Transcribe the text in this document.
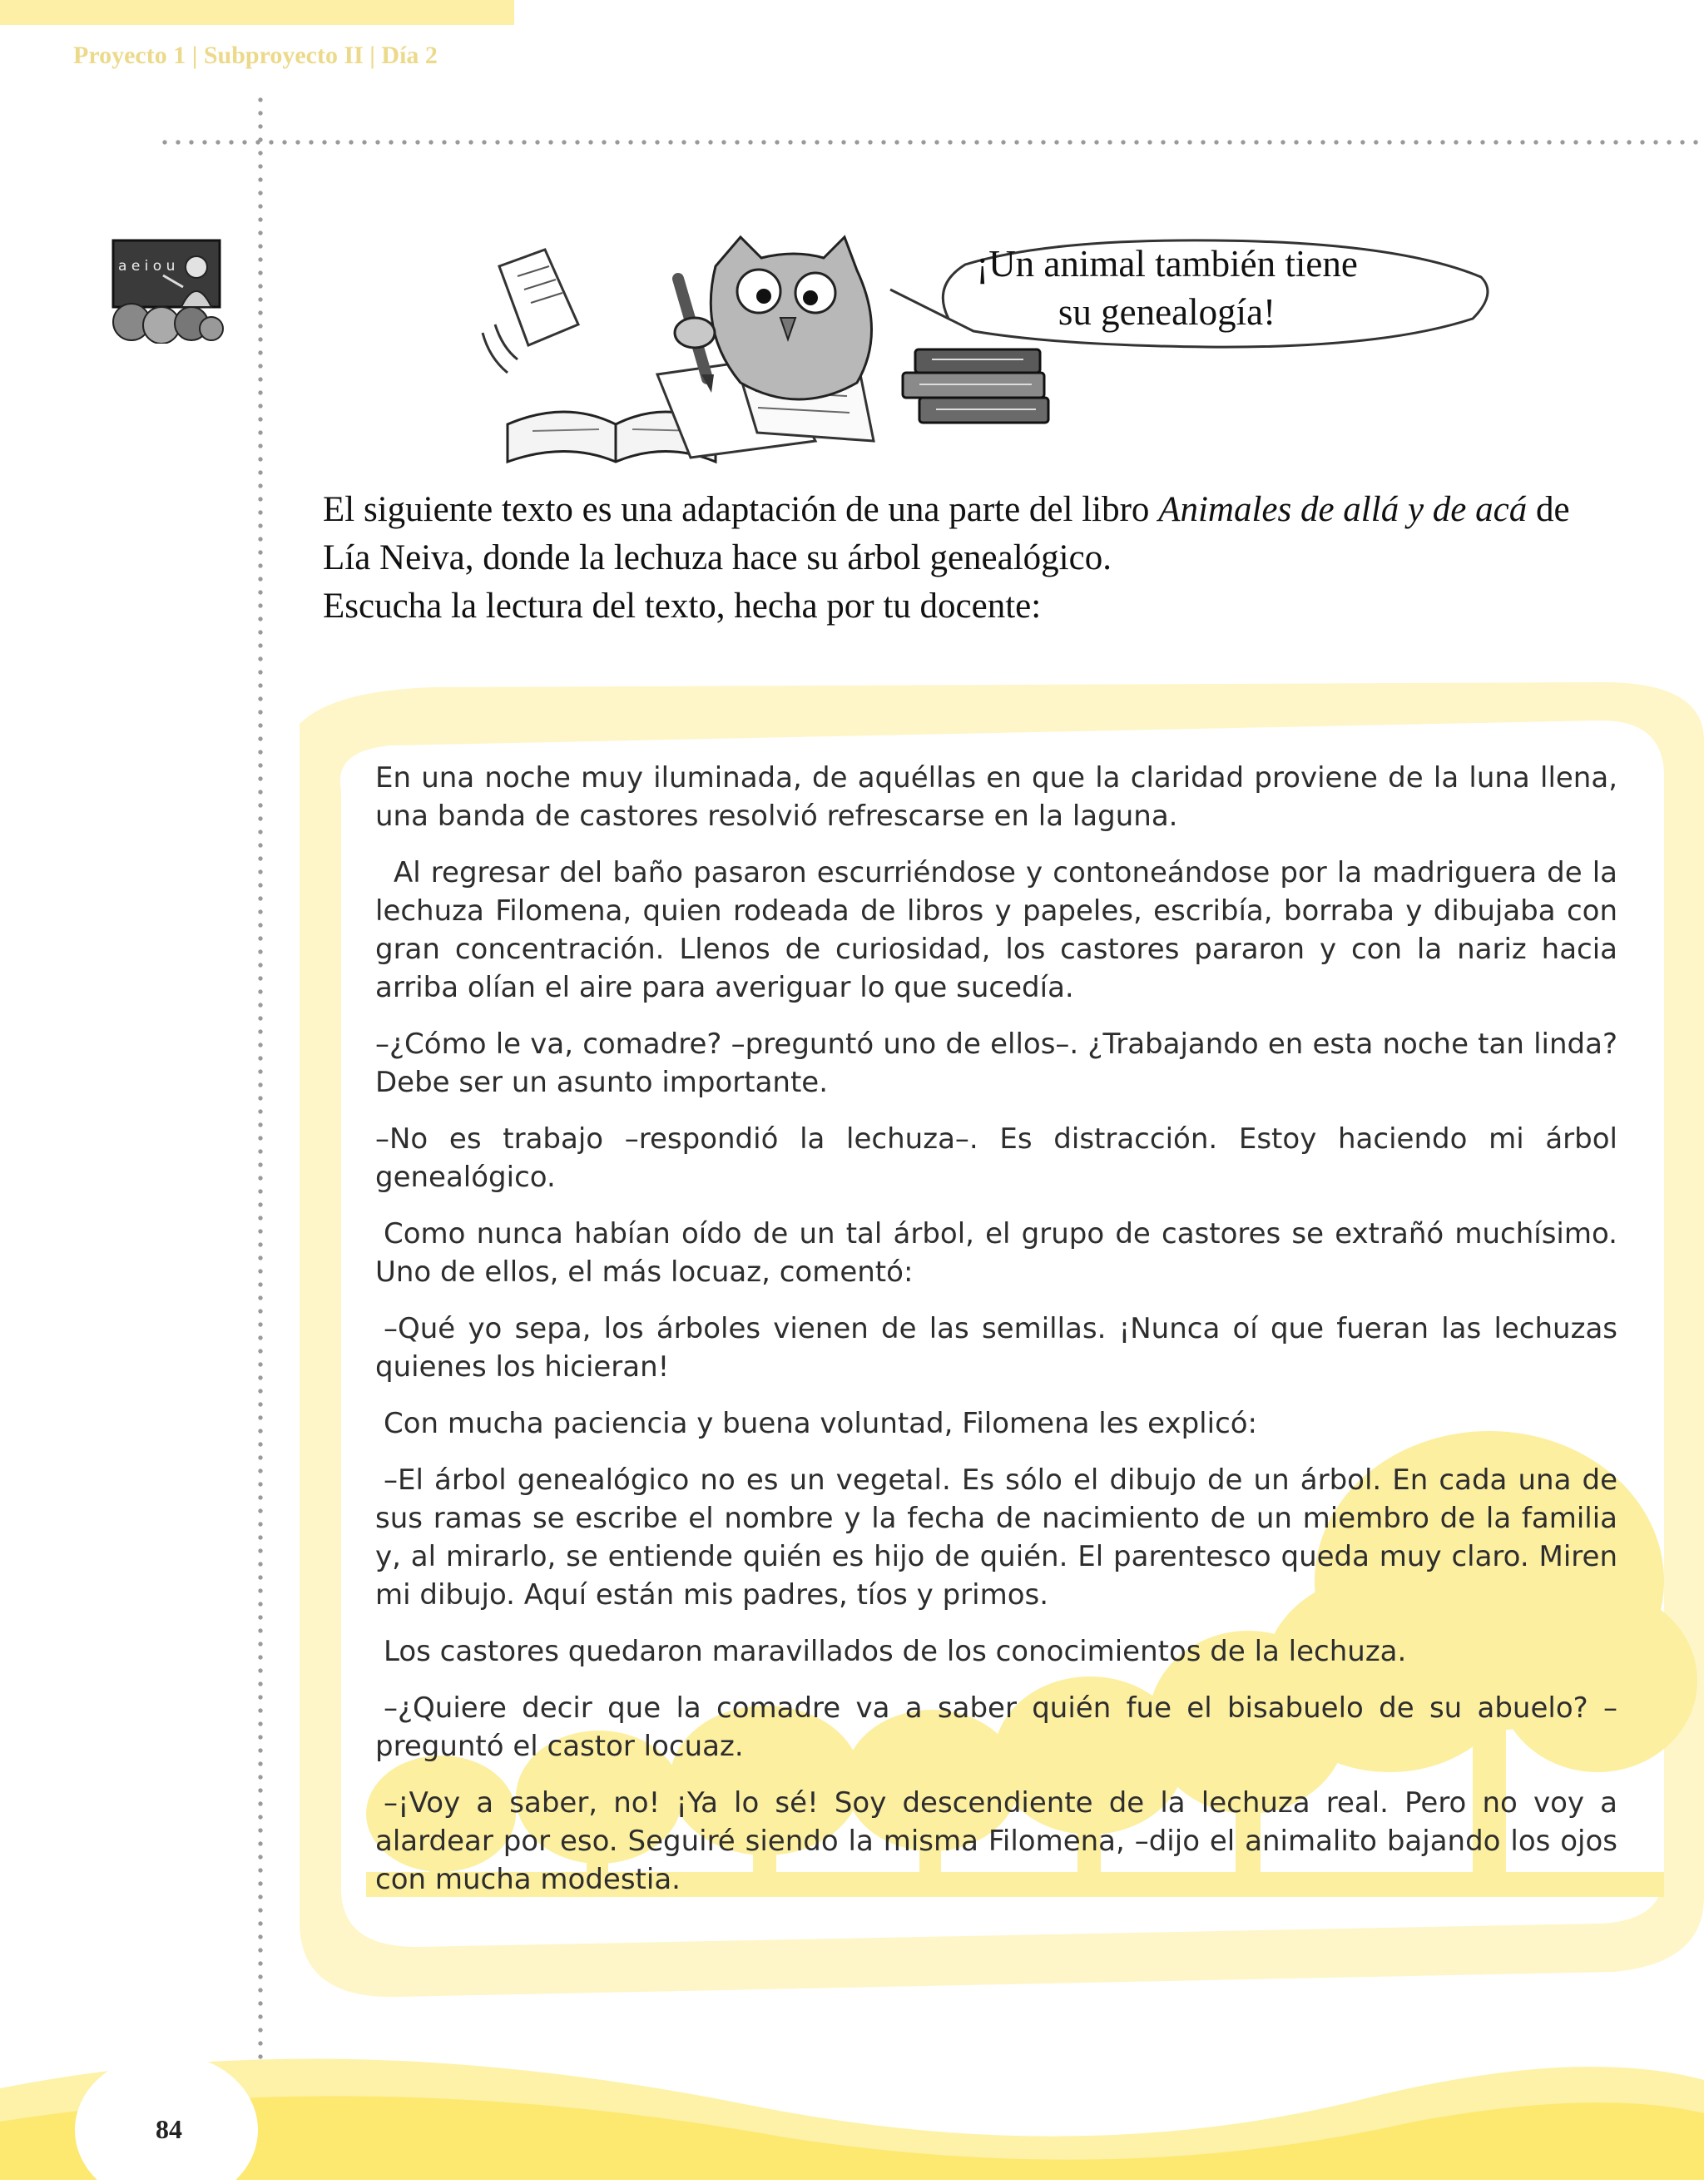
Proyecto 1 | Subproyecto II | Día 2
a e i o u	¡Un animal también tiene su genealogía!

El siguiente texto es una adaptación de una parte del libro Animales de allá y de acá de Lía Neiva, donde la lechuza hace su árbol genealógico.

Escucha la lectura del texto, hecha por tu docente:

En una noche muy iluminada, de aquéllas en que la claridad proviene de la luna llena, una banda de castores resolvió refrescarse en la laguna.

Al regresar del baño pasaron escurriéndose y contoneándose por la madriguera de la lechuza Filomena, quien rodeada de libros y papeles, escribía, borraba y dibujaba con gran concentración. Llenos de curiosidad, los castores pararon y con la nariz hacia arriba olían el aire para averiguar lo que sucedía.

–¿Cómo le va, comadre? –preguntó uno de ellos–. ¿Trabajando en esta noche tan linda? Debe ser un asunto importante.

–No es trabajo –respondió la lechuza–. Es distracción. Estoy haciendo mi árbol genealógico.

Como nunca habían oído de un tal árbol, el grupo de castores se extrañó muchísimo. Uno de ellos, el más locuaz, comentó:

–Qué yo sepa, los árboles vienen de las semillas. ¡Nunca oí que fueran las lechuzas quienes los hicieran!

Con mucha paciencia y buena voluntad, Filomena les explicó:

–El árbol genealógico no es un vegetal. Es sólo el dibujo de un árbol. En cada una de sus ramas se escribe el nombre y la fecha de nacimiento de un miembro de la familia y, al mirarlo, se entiende quién es hijo de quién. El parentesco queda muy claro. Miren mi dibujo. Aquí están mis padres, tíos y primos.

Los castores quedaron maravillados de los conocimientos de la lechuza.

–¿Quiere decir que la comadre va a saber quién fue el bisabuelo de su abuelo? –preguntó el castor locuaz.

–¡Voy a saber, no! ¡Ya lo sé! Soy descendiente de la lechuza real. Pero no voy a alardear por eso. Seguiré siendo la misma Filomena, –dijo el animalito bajando los ojos con mucha modestia.

84
